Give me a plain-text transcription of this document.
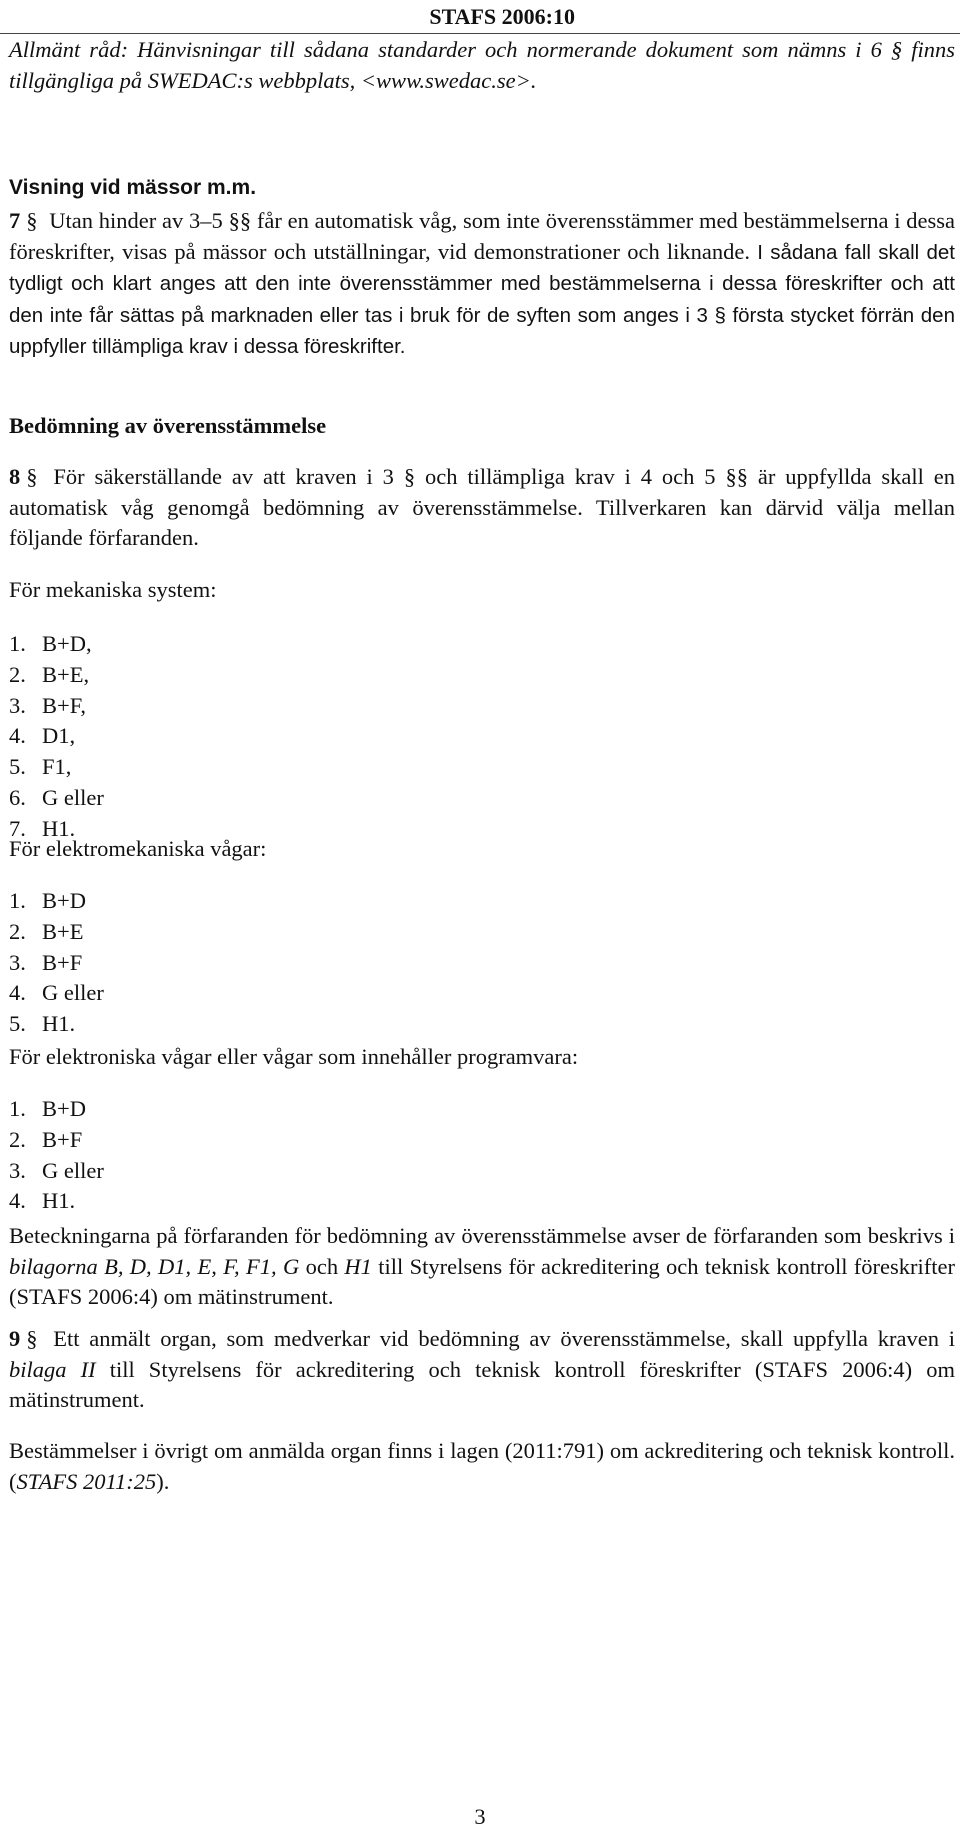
STAFS 2006:10

Allmänt råd: Hänvisningar till sådana standarder och normerande dokument som nämns i 6 § finns tillgängliga på SWEDAC:s webbplats, <www.swedac.se>.

Visning vid mässor m.m.

7 § Utan hinder av 3–5 §§ får en automatisk våg, som inte överensstämmer med bestämmelserna i dessa föreskrifter, visas på mässor och utställningar, vid demonstrationer och liknande. I sådana fall skall det tydligt och klart anges att den inte överensstämmer med bestämmelserna i dessa föreskrifter och att den inte får sättas på marknaden eller tas i bruk för de syften som anges i 3 § första stycket förrän den uppfyller tillämpliga krav i dessa föreskrifter.

Bedömning av överensstämmelse

8 § För säkerställande av att kraven i 3 § och tillämpliga krav i 4 och 5 §§ är uppfyllda skall en automatisk våg genomgå bedömning av överensstämmelse. Tillverkaren kan därvid välja mellan följande förfaranden.

För mekaniska system:
1. B+D,
2. B+E,
3. B+F,
4. D1,
5. F1,
6. G eller
7. H1.
För elektromekaniska vågar:
1. B+D
2. B+E
3. B+F
4. G eller
5. H1.
För elektroniska vågar eller vågar som innehåller programvara:
1. B+D
2. B+F
3. G eller
4. H1.

Beteckningarna på förfaranden för bedömning av överensstämmelse avser de förfaranden som beskrivs i bilagorna B, D, D1, E, F, F1, G och H1 till Styrelsens för ackreditering och teknisk kontroll föreskrifter (STAFS 2006:4) om mätinstrument.

9 § Ett anmält organ, som medverkar vid bedömning av överensstämmelse, skall uppfylla kraven i bilaga II till Styrelsens för ackreditering och teknisk kontroll föreskrifter (STAFS 2006:4) om mätinstrument.

Bestämmelser i övrigt om anmälda organ finns i lagen (2011:791) om ackreditering och teknisk kontroll. (STAFS 2011:25).

3
